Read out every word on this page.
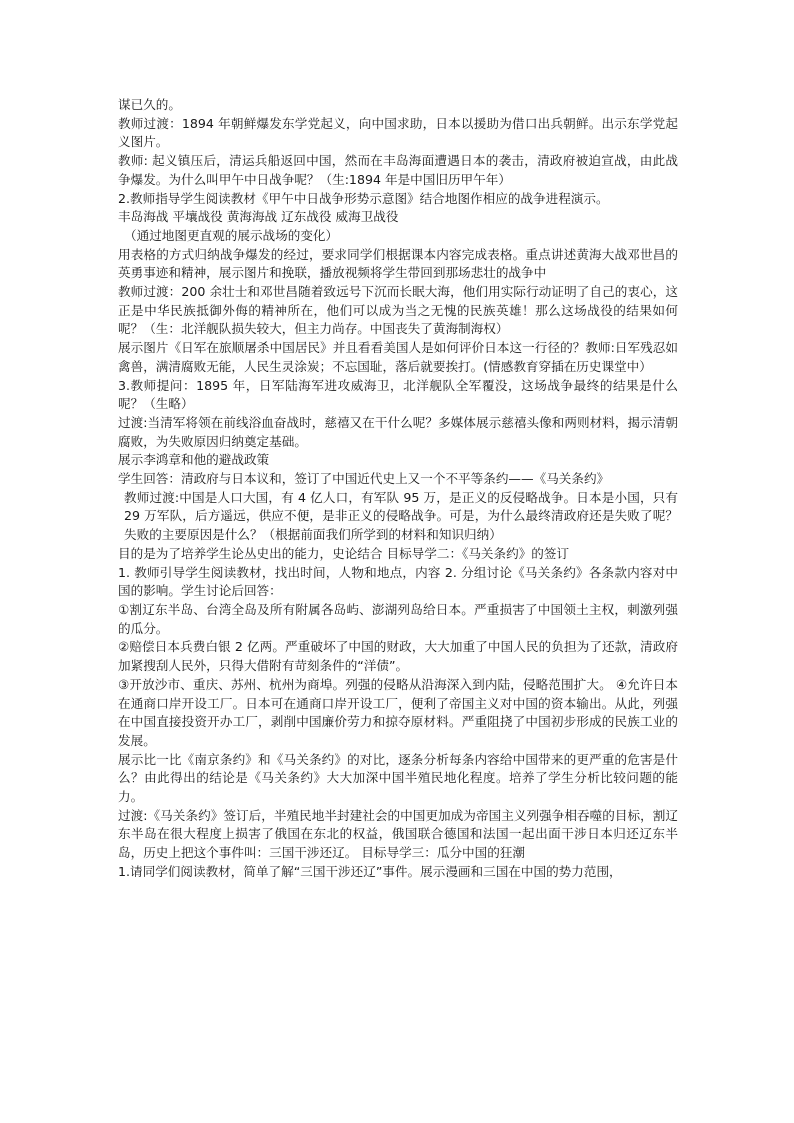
谋已久的。

教师过渡：1894 年朝鲜爆发东学党起义，向中国求助，日本以援助为借口出兵朝鲜。出示东学党起义图片。

教师: 起义镇压后，清运兵船返回中国，然而在丰岛海面遭遇日本的袭击，清政府被迫宣战，由此战争爆发。为什么叫甲午中日战争呢？（生:1894 年是中国旧历甲午年）

2.教师指导学生阅读教材《甲午中日战争形势示意图》结合地图作相应的战争进程演示。

丰岛海战 平壤战役 黄海海战 辽东战役 威海卫战役

（通过地图更直观的展示战场的变化）

用表格的方式归纳战争爆发的经过，要求同学们根据课本内容完成表格。重点讲述黄海大战邓世昌的英勇事迹和精神，展示图片和挽联，播放视频将学生带回到那场悲壮的战争中

教师过渡：200 余壮士和邓世昌随着致远号下沉而长眠大海，他们用实际行动证明了自己的衷心，这正是中华民族抵御外侮的精神所在，他们可以成为当之无愧的民族英雄！那么这场战役的结果如何呢？（生：北洋舰队损失较大，但主力尚存。中国丧失了黄海制海权）

展示图片《日军在旅顺屠杀中国居民》并且看看美国人是如何评价日本这一行径的？教师:日军残忍如禽兽，满清腐败无能，人民生灵涂炭；不忘国耻，落后就要挨打。(情感教育穿插在历史课堂中）

3.教师提问：1895 年，日军陆海军进攻威海卫，北洋舰队全军覆没，这场战争最终的结果是什么呢？（生略）

过渡:当清军将领在前线浴血奋战时，慈禧又在干什么呢？多媒体展示慈禧头像和两则材料，揭示清朝腐败，为失败原因归纳奠定基础。

展示李鸿章和他的避战政策

学生回答：清政府与日本议和，签订了中国近代史上又一个不平等条约——《马关条约》

教师过渡:中国是人口大国，有 4 亿人口，有军队 95 万，是正义的反侵略战争。日本是小国，只有 29 万军队，后方遥远，供应不便，是非正义的侵略战争。可是，为什么最终清政府还是失败了呢？失败的主要原因是什么？（根据前面我们所学到的材料和知识归纳）

目的是为了培养学生论丛史出的能力，史论结合 目标导学二：《马关条约》的签订

1. 教师引导学生阅读教材，找出时间，人物和地点，内容 2. 分组讨论《马关条约》各条款内容对中国的影响。学生讨论后回答：

①割辽东半岛、台湾全岛及所有附属各岛屿、澎湖列岛给日本。严重损害了中国领土主权，刺激列强的瓜分。

②赔偿日本兵费白银 2 亿两。严重破坏了中国的财政，大大加重了中国人民的负担为了还款，清政府加紧搜刮人民外，只得大借附有苛刻条件的“洋债”。

③开放沙市、重庆、苏州、杭州为商埠。列强的侵略从沿海深入到内陆，侵略范围扩大。 ④允许日本在通商口岸开设工厂。日本可在通商口岸开设工厂，便利了帝国主义对中国的资本输出。从此，列强在中国直接投资开办工厂，剥削中国廉价劳力和掠夺原材料。严重阻挠了中国初步形成的民族工业的发展。

展示比一比《南京条约》和《马关条约》的对比，逐条分析每条内容给中国带来的更严重的危害是什么？由此得出的结论是《马关条约》大大加深中国半殖民地化程度。培养了学生分析比较问题的能力。

过渡:《马关条约》签订后，半殖民地半封建社会的中国更加成为帝国主义列强争相吞噬的目标，割辽东半岛在很大程度上损害了俄国在东北的权益，俄国联合德国和法国一起出面干涉日本归还辽东半岛，历史上把这个事件叫：三国干涉还辽。 目标导学三：瓜分中国的狂潮

1.请同学们阅读教材，简单了解“三国干涉还辽”事件。展示漫画和三国在中国的势力范围，
